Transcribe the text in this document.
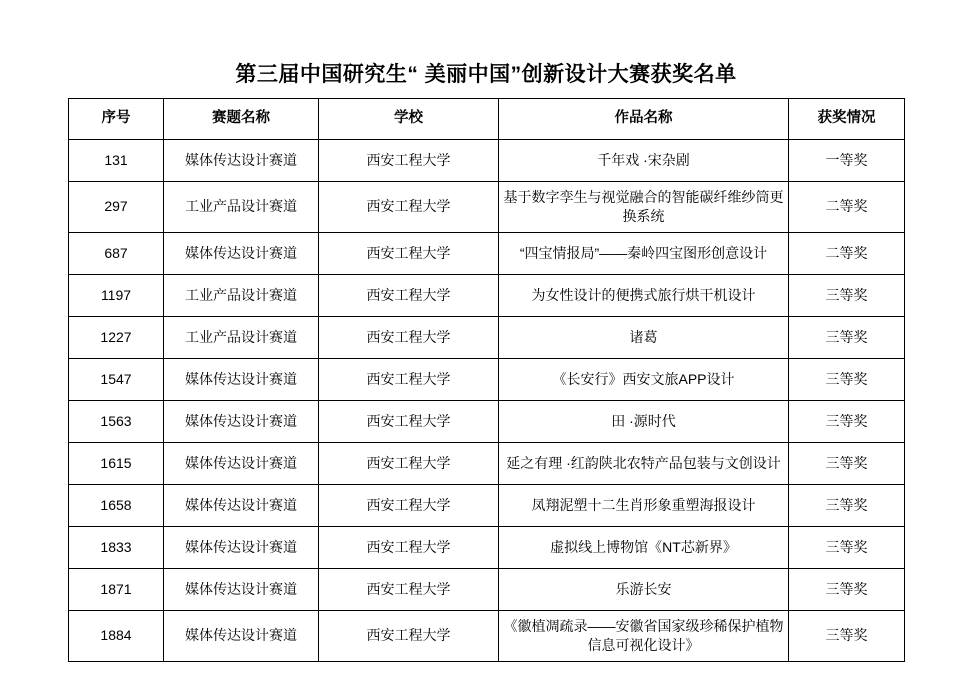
第三届中国研究生“ 美丽中国”创新设计大赛获奖名单
序号	赛题名称	学校	作品名称	获奖情况
131	媒体传达设计赛道	西安工程大学	千年戏 ·宋杂剧	一等奖
297	工业产品设计赛道	西安工程大学	基于数字孪生与视觉融合的智能碳纤维纱筒更换系统	二等奖
687	媒体传达设计赛道	西安工程大学	“四宝情报局”——秦岭四宝图形创意设计	二等奖
1197	工业产品设计赛道	西安工程大学	为女性设计的便携式旅行烘干机设计	三等奖
1227	工业产品设计赛道	西安工程大学	诸葛	三等奖
1547	媒体传达设计赛道	西安工程大学	《长安行》西安文旅APP设计	三等奖
1563	媒体传达设计赛道	西安工程大学	田 ·源时代	三等奖
1615	媒体传达设计赛道	西安工程大学	延之有理 ·红韵陕北农特产品包装与文创设计	三等奖
1658	媒体传达设计赛道	西安工程大学	凤翔泥塑十二生肖形象重塑海报设计	三等奖
1833	媒体传达设计赛道	西安工程大学	虚拟线上博物馆《NT芯新界》	三等奖
1871	媒体传达设计赛道	西安工程大学	乐游长安	三等奖
1884	媒体传达设计赛道	西安工程大学	《徽植凋疏录——安徽省国家级珍稀保护植物信息可视化设计》	三等奖
